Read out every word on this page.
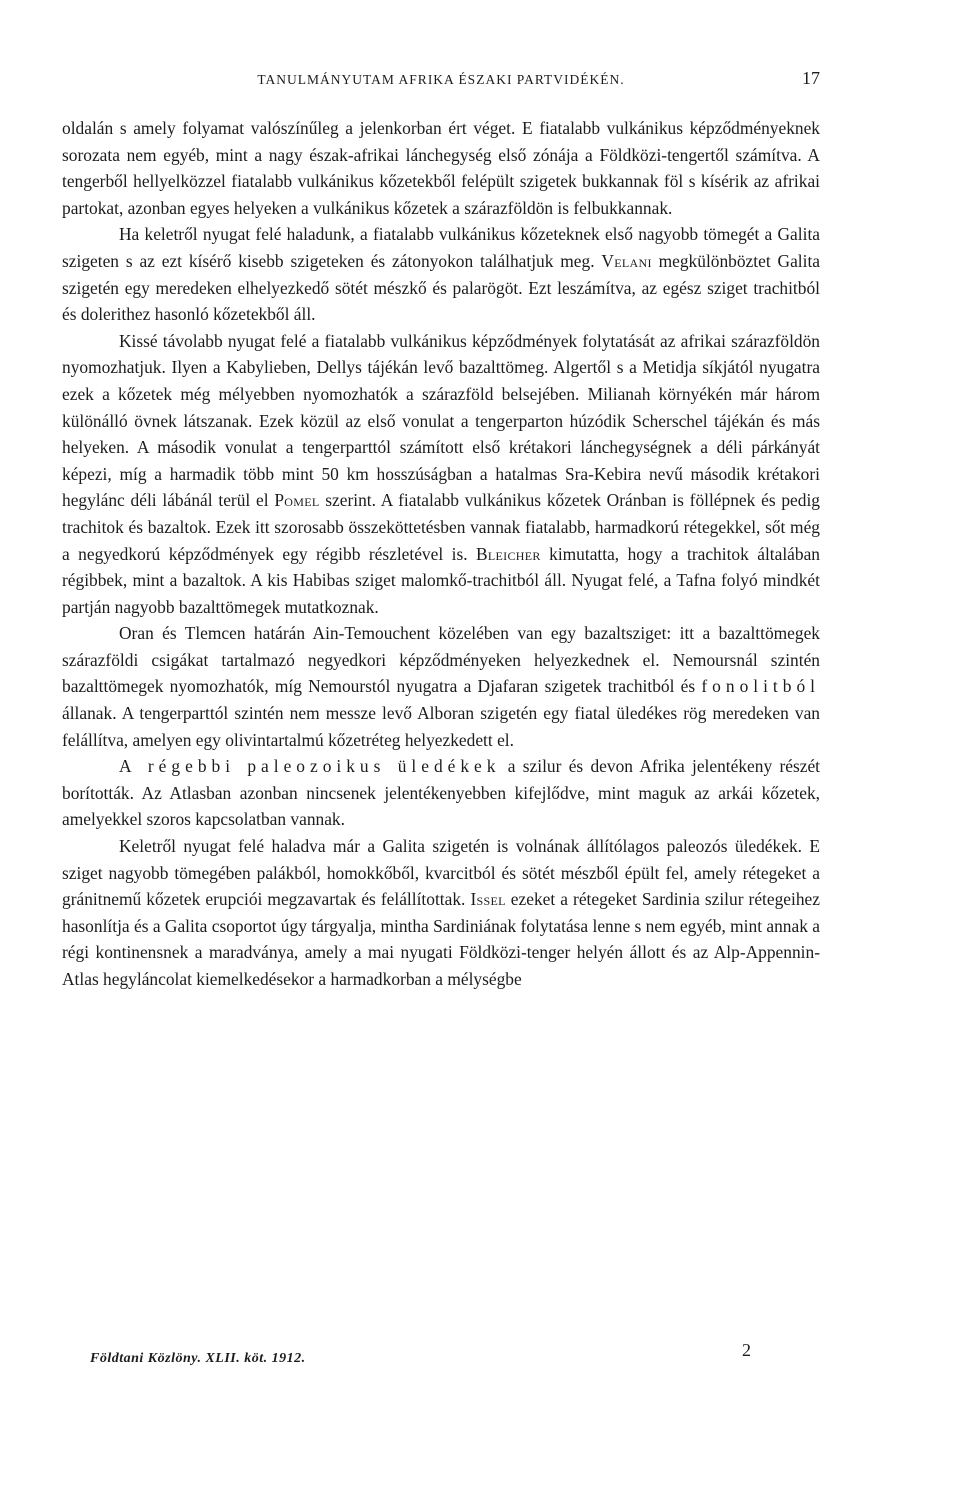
TANULMÁNYUTAM AFRIKA ÉSZAKI PARTVIDÉKÉN.	17

oldalán s amely folyamat valószínűleg a jelenkorban ért véget. E fiatalabb vulkánikus képződményeknek sorozata nem egyéb, mint a nagy észak-afrikai lánchegység első zónája a Földközi-tengertől számítva. A tengerből hellyelközzel fiatalabb vulkánikus kőzetekből felépült szigetek bukkannak föl s kísérik az afrikai partokat, azonban egyes helyeken a vulkánikus kőzetek a szárazföldön is felbukkannak.

Ha keletről nyugat felé haladunk, a fiatalabb vulkánikus kőzeteknek első nagyobb tömegét a Galita szigeten s az ezt kísérő kisebb szigeteken és zátonyokon találhatjuk meg. Velani megkülönböztet Galita szigetén egy meredeken elhelyezkedő sötét mészkő és palarögöt. Ezt leszámítva, az egész sziget trachitból és dolerithez hasonló kőzetekből áll.

Kissé távolabb nyugat felé a fiatalabb vulkánikus képződmények folytatását az afrikai szárazföldön nyomozhatjuk. Ilyen a Kabylieben, Dellys tájékán levő bazalttömeg. Algertől s a Metidja síkjától nyugatra ezek a kőzetek még mélyebben nyomozhatók a szárazföld belsejében. Milianah környékén már három különálló övnek látszanak. Ezek közül az első vonulat a tengerparton húzódik Scherschel tájékán és más helyeken. A második vonulat a tengerparttól számított első krétakori lánchegységnek a déli párkányát képezi, míg a harmadik több mint 50 km hosszúságban a hatalmas Sra-Kebira nevű második krétakori hegylánc déli lábánál terül el Pomel szerint. A fiatalabb vulkánikus kőzetek Oránban is föllépnek és pedig trachitok és bazaltok. Ezek itt szorosabb összeköttetésben vannak fiatalabb, harmadkorú rétegekkel, sőt még a negyedkorú képződmények egy régibb részletével is. Bleicher kimutatta, hogy a trachitok általában régibbek, mint a bazaltok. A kis Habibas sziget malomkő-trachitból áll. Nyugat felé, a Tafna folyó mindkét partján nagyobb bazalttömegek mutatkoznak.

Oran és Tlemcen határán Ain-Temouchent közelében van egy bazaltsziget: itt a bazalttömegek szárazföldi csigákat tartalmazó negyedkori képződményeken helyezkednek el. Nemoursnál szintén bazalttömegek nyomozhatók, míg Nemourstól nyugatra a Djafaran szigetek trachitból és fonolitból állanak. A tengerparttól szintén nem messze levő Alboran szigetén egy fiatal üledékes rög meredeken van felállítva, amelyen egy olivintartalmú kőzetréteg helyezkedett el.

A régebbi paleozoikus üledékek a szilur és devon Afrika jelentékeny részét borították. Az Atlasban azonban nincsenek jelentékenyebben kifejlődve, mint maguk az arkái kőzetek, amelyekkel szoros kapcsolatban vannak.

Keletről nyugat felé haladva már a Galita szigetén is volnának állítólagos paleozós üledékek. E sziget nagyobb tömegében palákból, homokkőből, kvarcitból és sötét mészből épült fel, amely rétegeket a gránitnemű kőzetek erupciói megzavartak és felállítottak. Issel ezeket a rétegeket Sardinia szilur rétegeihez hasonlítja és a Galita csoportot úgy tárgyalja, mintha Sardiniának folytatása lenne s nem egyéb, mint annak a régi kontinensnek a maradványa, amely a mai nyugati Földközi-tenger helyén állott és az Alp-Appennin-Atlas hegyláncolat kiemelkedésekor a harmadkorban a mélységbe

Földtani Közlöny. XLII. köt. 1912.	2
